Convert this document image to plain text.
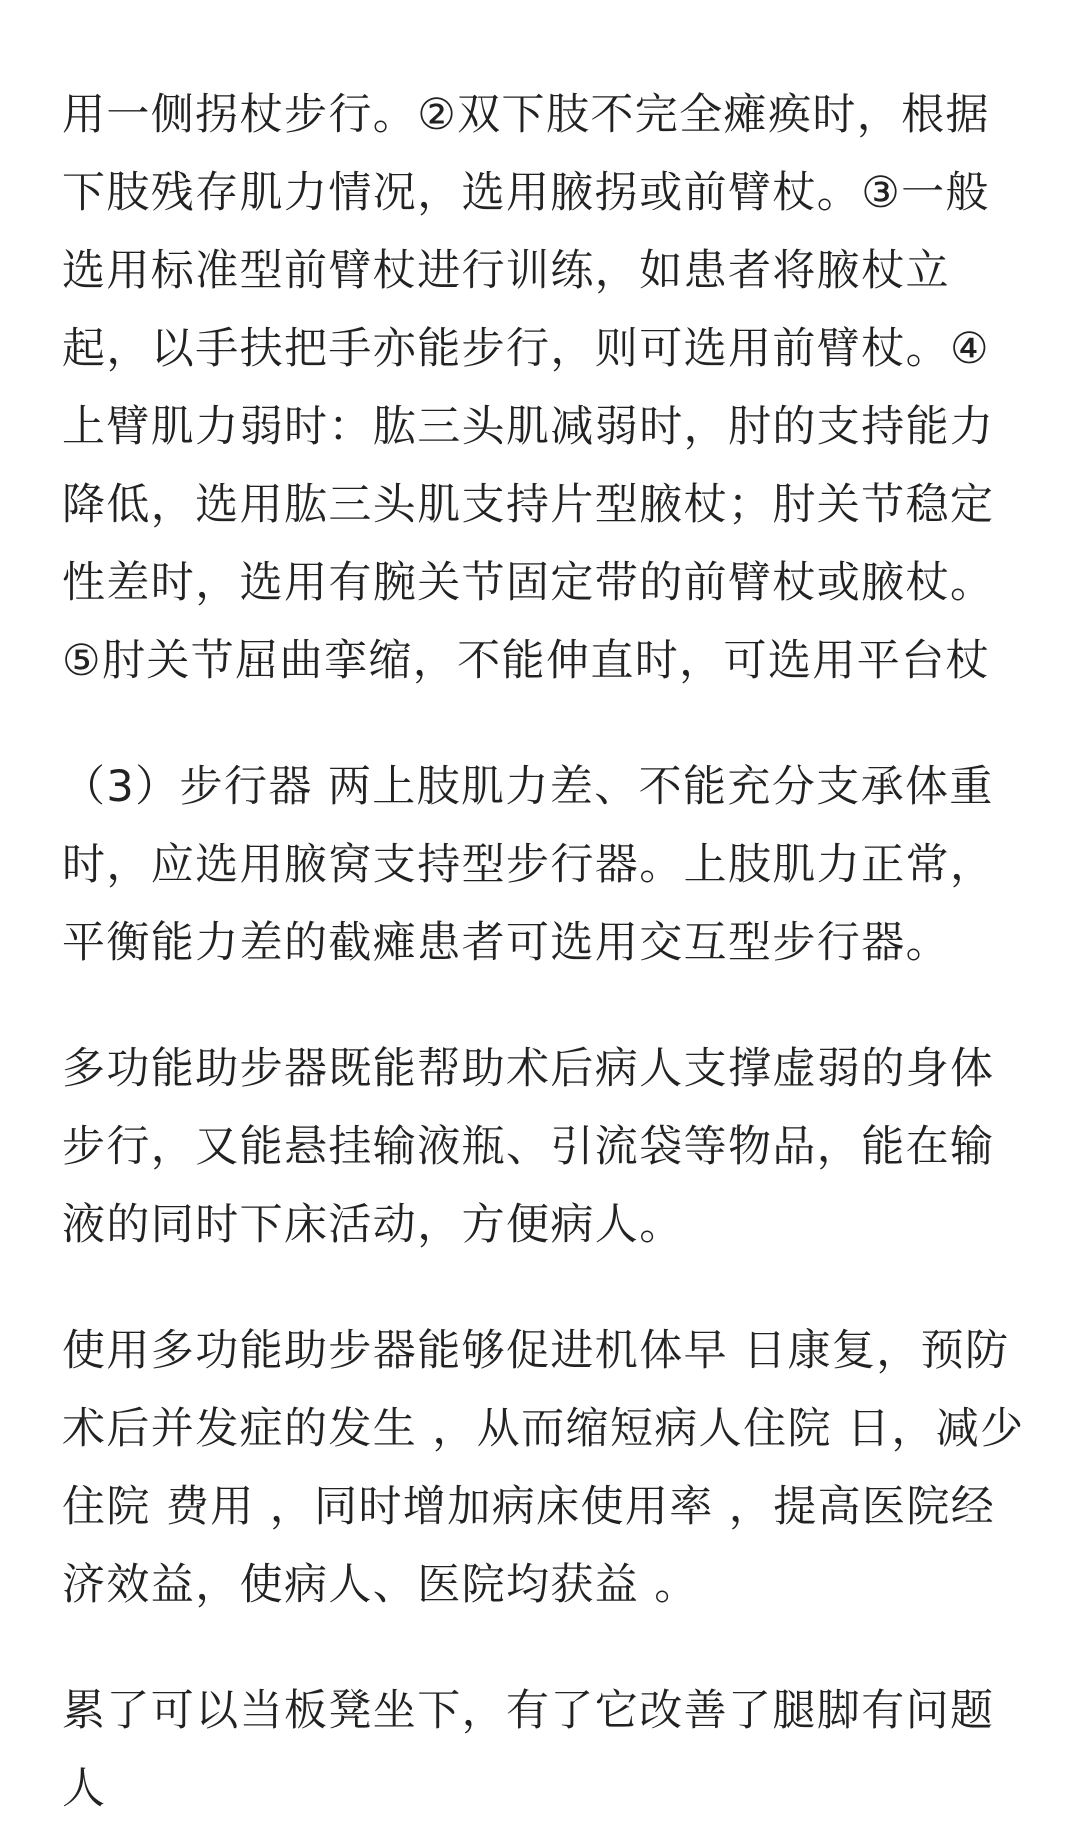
用一侧拐杖步行。②双下肢不完全瘫痪时，根据下肢残存肌力情况，选用腋拐或前臂杖。③一般选用标准型前臂杖进行训练，如患者将腋杖立起，以手扶把手亦能步行，则可选用前臂杖。④上臂肌力弱时：肱三头肌减弱时，肘的支持能力降低，选用肱三头肌支持片型腋杖；肘关节稳定性差时，选用有腕关节固定带的前臂杖或腋杖。⑤肘关节屈曲挛缩，不能伸直时，可选用平台杖

（3）步行器 两上肢肌力差、不能充分支承体重时，应选用腋窝支持型步行器。上肢肌力正常，平衡能力差的截瘫患者可选用交互型步行器。

多功能助步器既能帮助术后病人支撑虚弱的身体步行，又能悬挂输液瓶、引流袋等物品，能在输液的同时下床活动，方便病人。

使用多功能助步器能够促进机体早 日康复，预防术后并发症的发生 ，从而缩短病人住院 日，减少 住院 费用 ，同时增加病床使用率 ，提高医院经 济效益，使病人、医院均获益 。

累了可以当板凳坐下，有了它改善了腿脚有问题人
